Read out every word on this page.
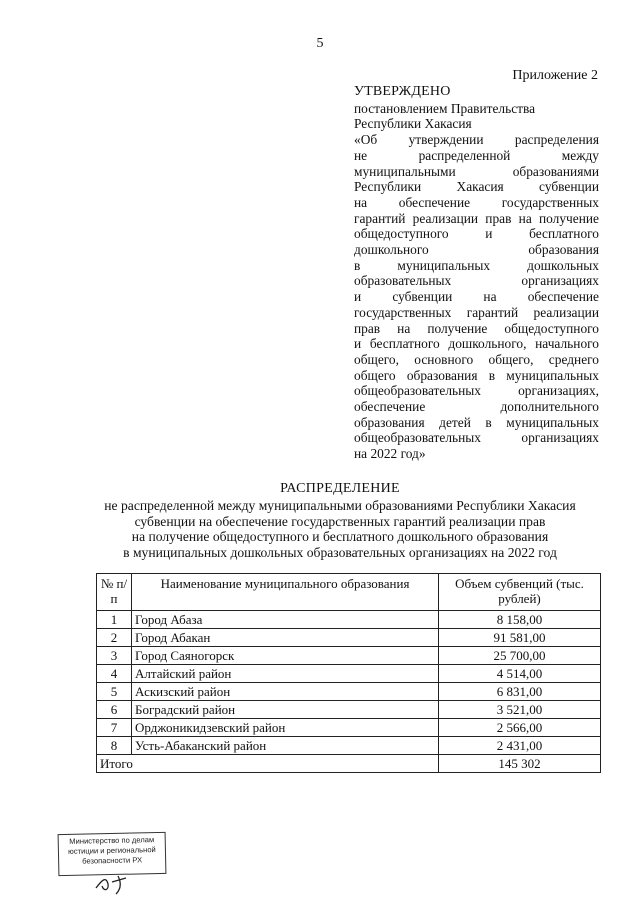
5
Приложение 2
УТВЕРЖДЕНО
постановлением Правительства
Республики Хакасия
«Об утверждении распределения
не распределенной между
муниципальными образованиями
Республики Хакасия субвенции
на обеспечение государственных
гарантий реализации прав на получение
общедоступного и бесплатного
дошкольного образования
в муниципальных дошкольных
образовательных организациях
и субвенции на обеспечение
государственных гарантий реализации
прав на получение общедоступного
и бесплатного дошкольного, начального
общего, основного общего, среднего
общего образования в муниципальных
общеобразовательных организациях,
обеспечение дополнительного
образования детей в муниципальных
общеобразовательных организациях
на 2022 год»
РАСПРЕДЕЛЕНИЕ
не распределенной между муниципальными образованиями Республики Хакасия
субвенции на обеспечение государственных гарантий реализации прав
на получение общедоступного и бесплатного дошкольного образования
в муниципальных дошкольных образовательных организациях на 2022 год
№ п/п	Наименование муниципального образования	Объем субвенций (тыс. рублей)
1	Город Абаза	8 158,00
2	Город Абакан	91 581,00
3	Город Саяногорск	25 700,00
4	Алтайский район	4 514,00
5	Аскизский район	6 831,00
6	Боградский район	3 521,00
7	Орджоникидзевский район	2 566,00
8	Усть-Абаканский район	2 431,00
Итого		145 302
Министерство по делам
юстиции и региональной
безопасности РХ
